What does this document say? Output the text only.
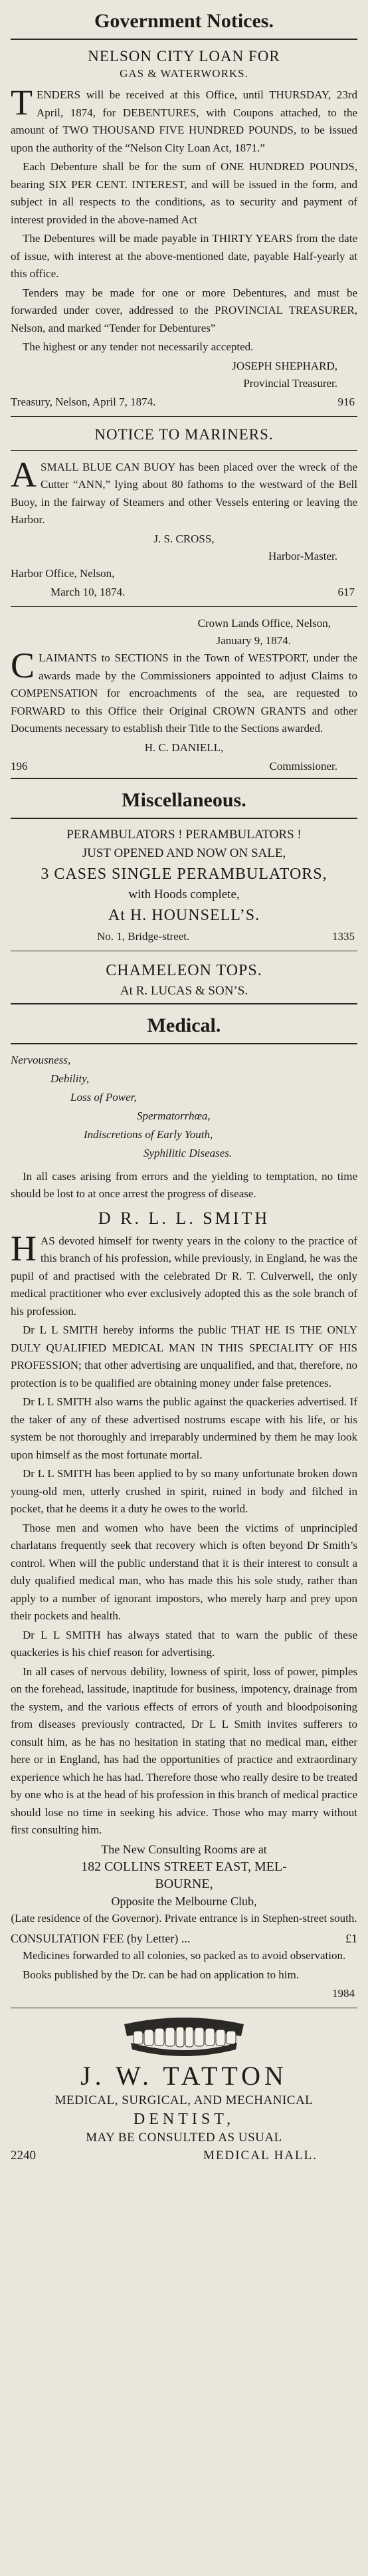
Government Notices.
NELSON CITY LOAN FOR
GAS & WATERWORKS.

TENDERS will be received at this Office, until THURSDAY, 23rd April, 1874, for DEBENTURES, with Coupons attached, to the amount of TWO THOUSAND FIVE HUNDRED POUNDS, to be issued upon the authority of the “Nelson City Loan Act, 1871.”

Each Debenture shall be for the sum of ONE HUNDRED POUNDS, bearing SIX PER CENT. INTEREST, and will be issued in the form, and subject in all respects to the conditions, as to security and payment of interest provided in the above-named Act

The Debentures will be made payable in THIRTY YEARS from the date of issue, with interest at the above-mentioned date, payable Half-yearly at this office.

Tenders may be made for one or more Debentures, and must be forwarded under cover, addressed to the PROVINCIAL TREASURER, Nelson, and marked “Tender for Debentures”

The highest or any tender not necessarily accepted.

JOSEPH SHEPHARD,

Provincial Treasurer.

Treasury, Nelson, April 7, 1874.	916
NOTICE TO MARINERS.

ASMALL BLUE CAN BUOY has been placed over the wreck of the Cutter “ANN,” lying about 80 fathoms to the westward of the Bell Buoy, in the fairway of Steamers and other Vessels entering or leaving the Harbor.

J. S. CROSS,

Harbor-Master.

Harbor Office, Nelson,

March 10, 1874.	617

Crown Lands Office, Nelson,

January 9, 1874.

CLAIMANTS to SECTIONS in the Town of WESTPORT, under the awards made by the Commissioners appointed to adjust Claims to COMPENSATION for encroachments of the sea, are requested to FORWARD to this Office their Original CROWN GRANTS and other Documents necessary to establish their Title to the Sections awarded.

H. C. DANIELL,

196	Commissioner.
Miscellaneous.

PERAMBULATORS ! PERAMBULATORS !

JUST OPENED AND NOW ON SALE,

3 CASES SINGLE PERAMBULATORS,

with Hoods complete,

At H. HOUNSELL’S.

No. 1, Bridge-street.	1335

CHAMELEON TOPS.

At R. LUCAS & SON’S.

Medical.
Nervousness,
Debility,
Loss of Power,
Spermatorrhœa,
Indiscretions of Early Youth,
Syphilitic Diseases.

In all cases arising from errors and the yielding to temptation, no time should be lost to at once arrest the progress of disease.

D R. L. L. SMITH

HAS devoted himself for twenty years in the colony to the practice of this branch of his profession, while previously, in England, he was the pupil of and practised with the celebrated Dr R. T. Culverwell, the only medical practitioner who ever exclusively adopted this as the sole branch of his profession.

Dr L L SMITH hereby informs the public THAT HE IS THE ONLY DULY QUALIFIED MEDICAL MAN IN THIS SPECIALITY OF HIS PROFESSION; that other advertising are unqualified, and that, therefore, no protection is to be qualified are obtaining money under false pretences.

Dr L L SMITH also warns the public against the quackeries advertised. If the taker of any of these advertised nostrums escape with his life, or his system be not thoroughly and irreparably undermined by them he may look upon himself as the most fortunate mortal.

Dr L L SMITH has been applied to by so many unfortunate broken down young-old men, utterly crushed in spirit, ruined in body and filched in pocket, that he deems it a duty he owes to the world.

Those men and women who have been the victims of unprincipled charlatans frequently seek that recovery which is often beyond Dr Smith’s control. When will the public understand that it is their interest to consult a duly qualified medical man, who has made this his sole study, rather than apply to a number of ignorant impostors, who merely harp and prey upon their pockets and health.

Dr L L SMITH has always stated that to warn the public of these quackeries is his chief reason for advertising.

In all cases of nervous debility, lowness of spirit, loss of power, pimples on the forehead, lassitude, inaptitude for business, impotency, drainage from the system, and the various effects of errors of youth and bloodpoisoning from diseases previously contracted, Dr L L Smith invites sufferers to consult him, as he has no hesitation in stating that no medical man, either here or in England, has had the opportunities of practice and extraordinary experience which he has had. Therefore those who really desire to be treated by one who is at the head of his profession in this branch of medical practice should lose no time in seeking his advice. Those who may marry without first consulting him.

The New Consulting Rooms are at

182 COLLINS STREET EAST, MEL-

BOURNE,

Opposite the Melbourne Club,

(Late residence of the Governor). Private entrance is in Stephen-street south.

CONSULTATION FEE (by Letter) ...	£1

Medicines forwarded to all colonies, so packed as to avoid observation.

Books published by the Dr. can be had on application to him.

1984
J. W. TATTON

MEDICAL, SURGICAL, AND MECHANICAL

DENTIST,

MAY BE CONSULTED AS USUAL

2240	MEDICAL HALL.
